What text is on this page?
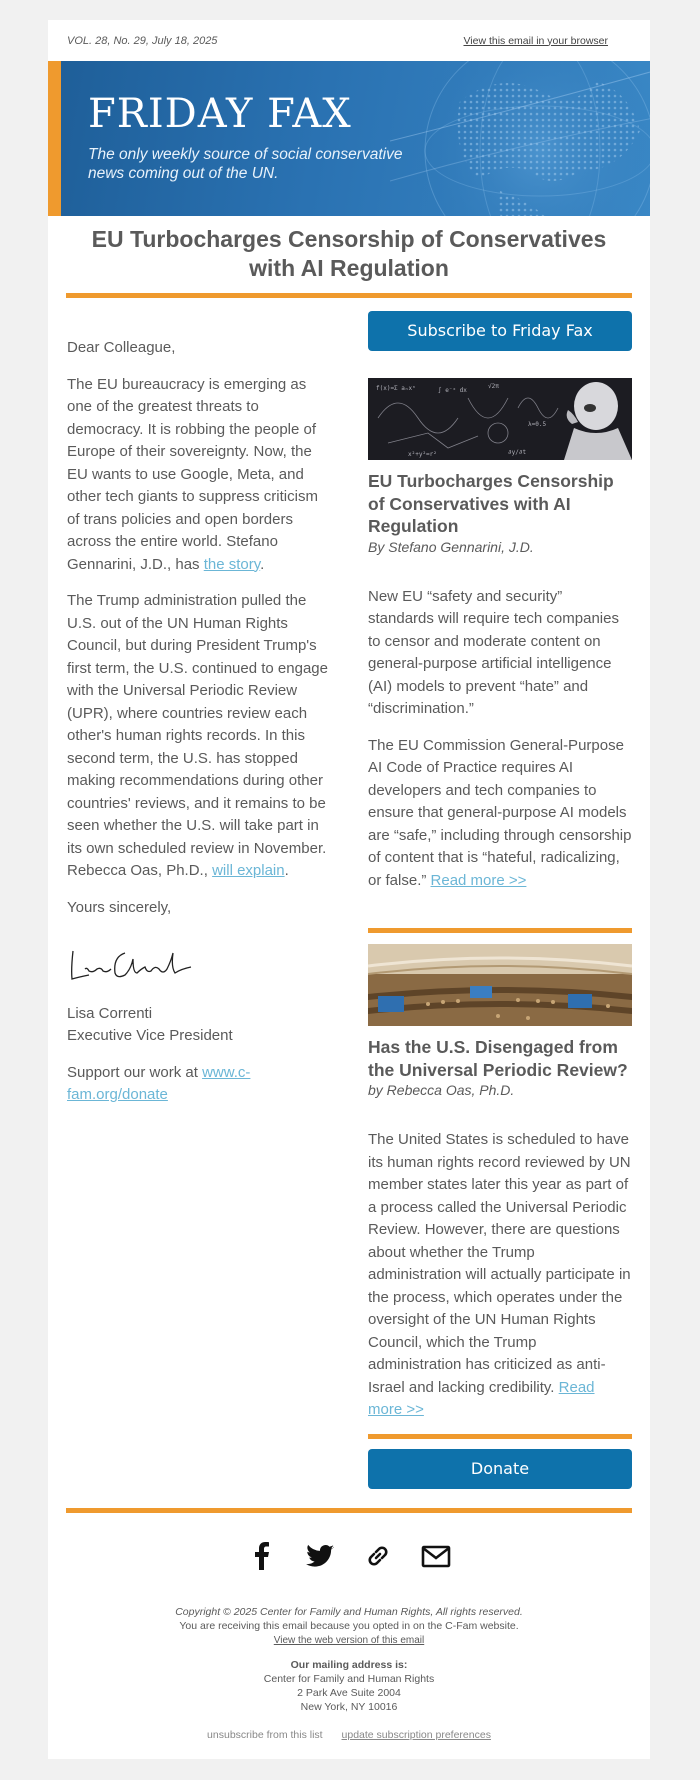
VOL. 28, No. 29, July 18, 2025	View this email in your browser
FRIDAY FAX
The only weekly source of social conservative news coming out of the UN.
EU Turbocharges Censorship of Conservatives with AI Regulation

Dear Colleague,

The EU bureaucracy is emerging as one of the greatest threats to democracy. It is robbing the people of Europe of their sovereignty. Now, the EU wants to use Google, Meta, and other tech giants to suppress criticism of trans policies and open borders across the entire world. Stefano Gennarini, J.D., has the story.

The Trump administration pulled the U.S. out of the UN Human Rights Council, but during President Trump's first term, the U.S. continued to engage with the Universal Periodic Review (UPR), where countries review each other's human rights records. In this second term, the U.S. has stopped making recommendations during other countries' reviews, and it remains to be seen whether the U.S. will take part in its own scheduled review in November. Rebecca Oas, Ph.D., will explain.

Yours sincerely,

Lisa Correnti
Executive Vice President

Support our work at www.c-fam.org/donate

Subscribe to Friday Fax
f(x)=Σ aₙxⁿ	∫ e⁻ˣ dx
√2π
x²+y²=r²	∂y/∂t
λ=0.5
EU Turbocharges Censorship of Conservatives with AI Regulation
By Stefano Gennarini, J.D.

New EU “safety and security” standards will require tech companies to censor and moderate content on general-purpose artificial intelligence (AI) models to prevent “hate” and “discrimination.”

The EU Commission General-Purpose AI Code of Practice requires AI developers and tech companies to ensure that general-purpose AI models are “safe,” including through censorship of content that is “hateful, radicalizing, or false.” Read more >>

Has the U.S. Disengaged from the Universal Periodic Review?
by Rebecca Oas, Ph.D.

The United States is scheduled to have its human rights record reviewed by UN member states later this year as part of a process called the Universal Periodic Review. However, there are questions about whether the Trump administration will actually participate in the process, which operates under the oversight of the UN Human Rights Council, which the Trump administration has criticized as anti-Israel and lacking credibility. Read more >>

Donate
Copyright © 2025 Center for Family and Human Rights, All rights reserved.
You are receiving this email because you opted in on the C-Fam website.
View the web version of this email
Our mailing address is:
Center for Family and Human Rights
2 Park Ave Suite 2004
New York, NY 10016
unsubscribe from this list update subscription preferences
